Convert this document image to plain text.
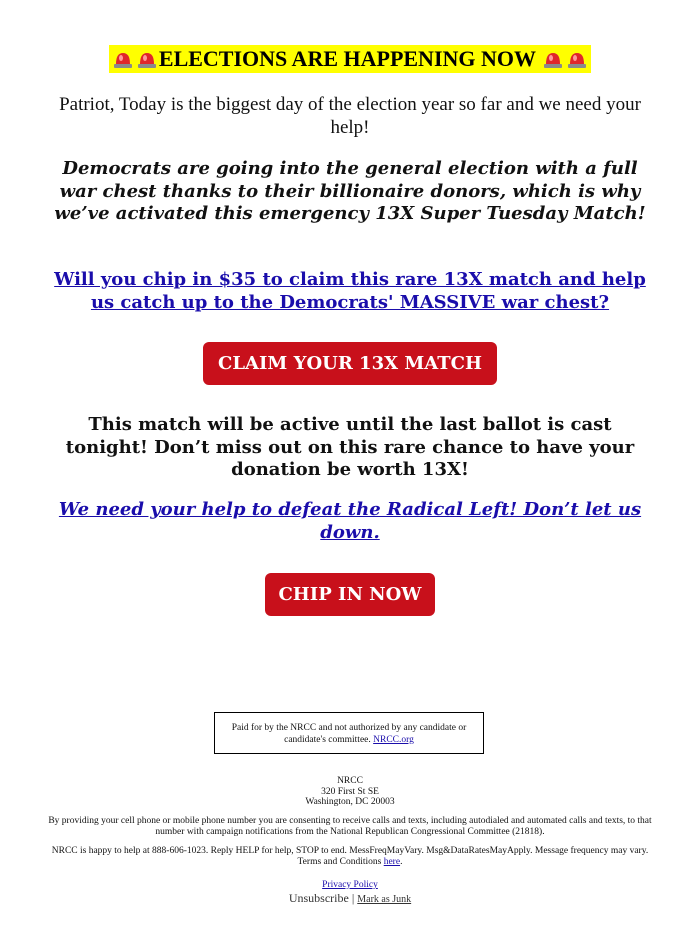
ELECTIONS ARE HAPPENING NOW
Patriot, Today is the biggest day of the election year so far and we need your help!
Democrats are going into the general election with a full war chest thanks to their billionaire donors, which is why we’ve activated this emergency 13X Super Tuesday Match!
Will you chip in $35 to claim this rare 13X match and help us catch up to the Democrats' MASSIVE war chest?
CLAIM YOUR 13X MATCH
This match will be active until the last ballot is cast tonight! Don’t miss out on this rare chance to have your donation be worth 13X!
We need your help to defeat the Radical Left! Don’t let us down.
CHIP IN NOW
Paid for by the NRCC and not authorized by any candidate or candidate's committee. NRCC.org
NRCC
320 First St SE
Washington, DC 20003
By providing your cell phone or mobile phone number you are consenting to receive calls and texts, including autodialed and automated calls and texts, to that number with campaign notifications from the National Republican Congressional Committee (21818).
NRCC is happy to help at 888-606-1023. Reply HELP for help, STOP to end. MessFreqMayVary. Msg&DataRatesMayApply. Message frequency may vary. Terms and Conditions here.
Privacy Policy
Unsubscribe | Mark as Junk
